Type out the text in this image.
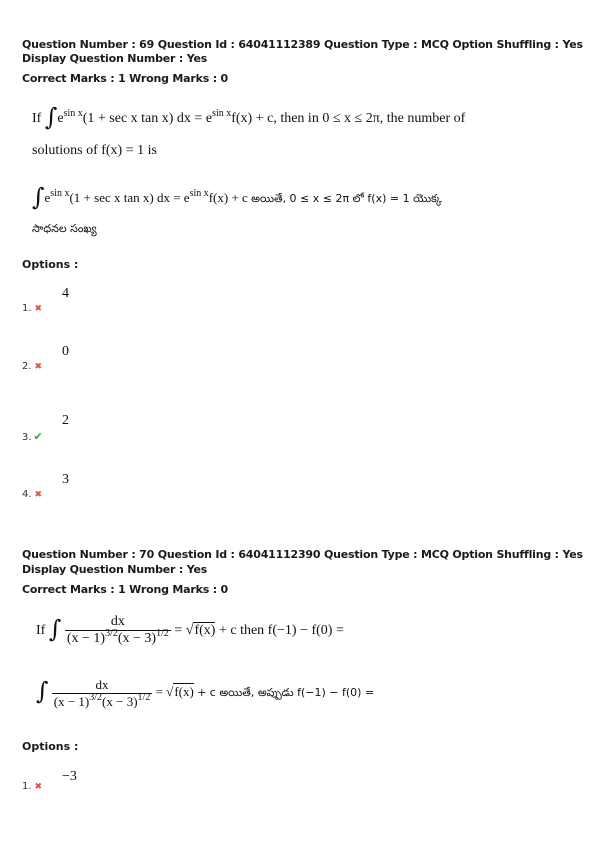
Question Number : 69 Question Id : 64041112389 Question Type : MCQ Option Shuffling : Yes
Display Question Number : Yes
Correct Marks : 1 Wrong Marks : 0
If $\int e^{sin x}(1 + \sec x$ tan x) dx = $e^{sin x}f(x) + c$, then in 0 ≤ x ≤ 2π, the number of
solutions of f(x) = 1 is
$\int e^{sin x}(1 + \sec x$ tan x) dx = $e^{sin x}f(x) + c$ అయితే, 0 ≤ x ≤ 2π లో f(x) = 1 యొక్క
సాధనల సంఖ్య
Options :
1. ✖
4
2. ✖
0
3. ✔
2
4. ✖
3
Question Number : 70 Question Id : 64041112390 Question Type : MCQ Option Shuffling : Yes
Display Question Number : Yes
Correct Marks : 1 Wrong Marks : 0
If ∫ $\frac{dx}{(x - 1)^{3/2}(x - 3)^{1/2}} = √f(x) + c$ then f(−1) − f(0) =
∫ $\frac{dx}{(x - 1)^{3/2}(x - 3)^{1/2}} = √f(x) + c$ అయితే, అప్పుడు f(−1) − f(0) =
Options :
1. ✖
−3
